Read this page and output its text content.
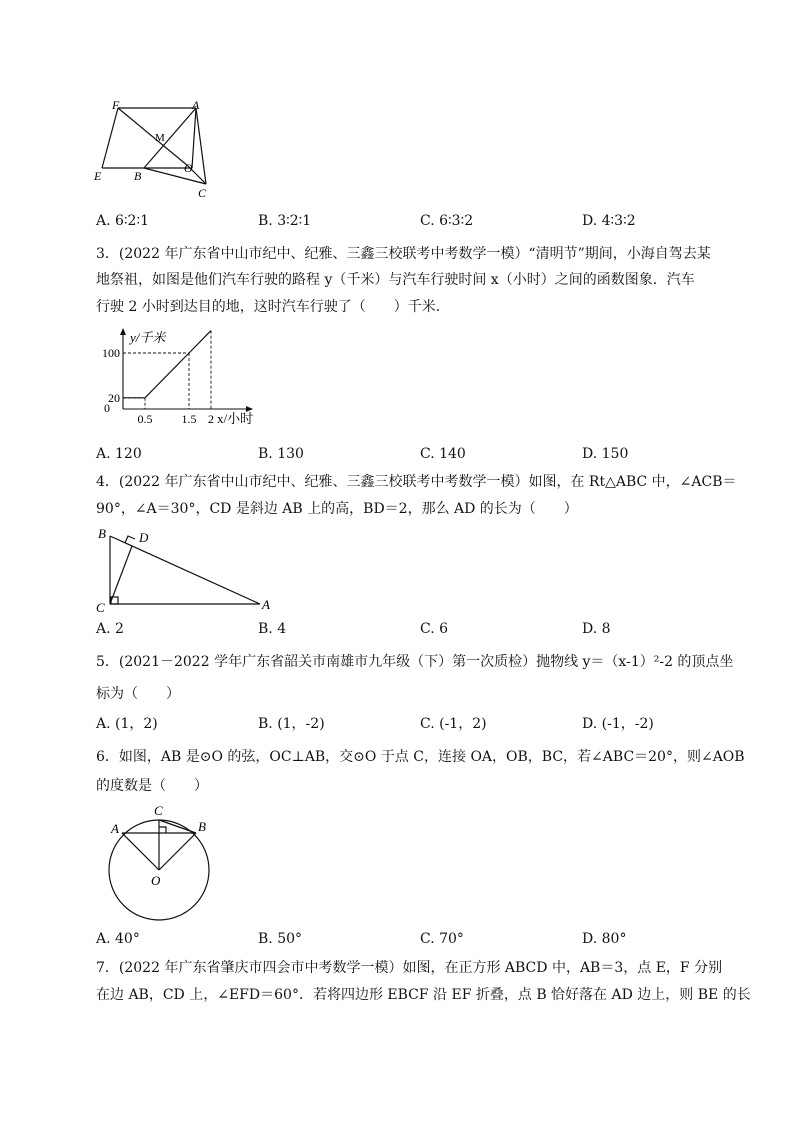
F	A
M
O
E	B
C
A. 6∶2∶1	B. 3∶2∶1	C. 6∶3∶2	D. 4∶3∶2
3．(2022 年广东省中山市纪中、纪雅、三鑫三校联考中考数学一模）“清明节”期间，小海自驾去某
地祭祖，如图是他们汽车行驶的路程 y（千米）与汽车行驶时间 x（小时）之间的函数图象．汽车
行驶 2 小时到达目的地，这时汽车行驶了（　　）千米．
20
100
0.5 1.5 2
0
y/千米
x/小时
A. 120	B. 130	C. 140	D. 150
4．(2022 年广东省中山市纪中、纪雅、三鑫三校联考中考数学一模）如图，在 Rt△ABC 中，∠ACB＝
90°，∠A＝30°，CD 是斜边 AB 上的高，BD＝2，那么 AD 的长为（　　）
B	D
C	A
A. 2	B. 4	C. 6	D. 8
5．(2021－2022 学年广东省韶关市南雄市九年级（下）第一次质检）抛物线 y＝（x-1）²-2 的顶点坐
标为（　　）
A. (1，2)	B. (1，-2)	C. (-1，2)	D. (-1，-2)
6．如图，AB 是⊙O 的弦，OC⊥AB，交⊙O 于点 C，连接 OA，OB，BC，若∠ABC＝20°，则∠AOB
的度数是（　　）
C
A	B
O
A. 40°	B. 50°	C. 70°	D. 80°
7．(2022 年广东省肇庆市四会市中考数学一模）如图，在正方形 ABCD 中，AB＝3，点 E，F 分别
在边 AB，CD 上，∠EFD＝60°．若将四边形 EBCF 沿 EF 折叠，点 B 恰好落在 AD 边上，则 BE 的长
